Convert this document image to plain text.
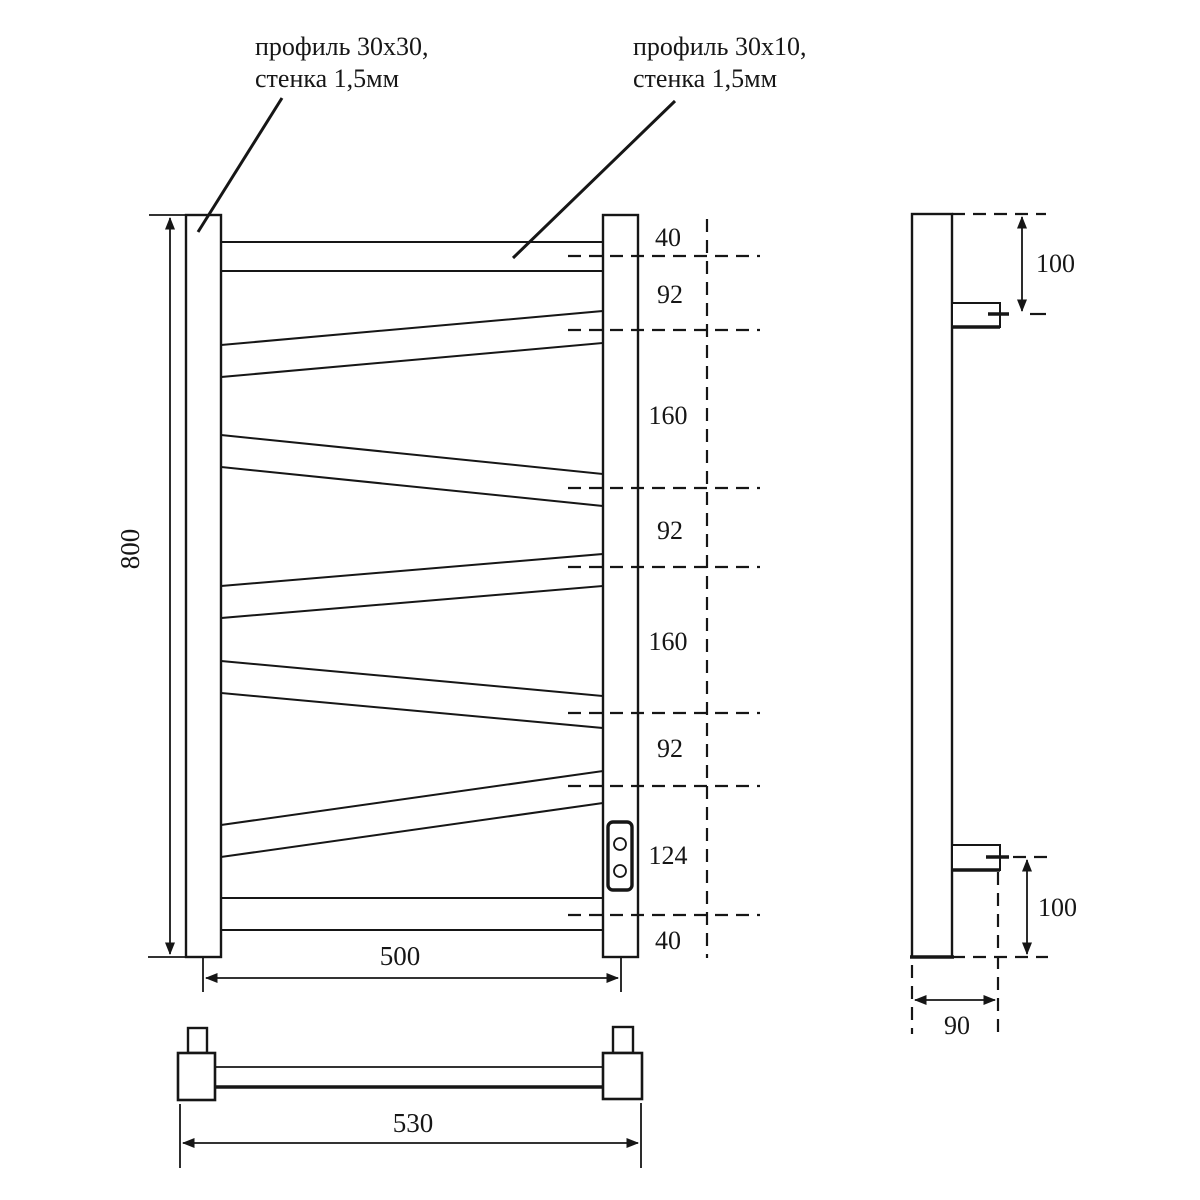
40
92
160
92
160
92
124
40
800
500
профиль 30х30,
стенка 1,5мм
профиль 30х10,
стенка 1,5мм
100
100
90
530
